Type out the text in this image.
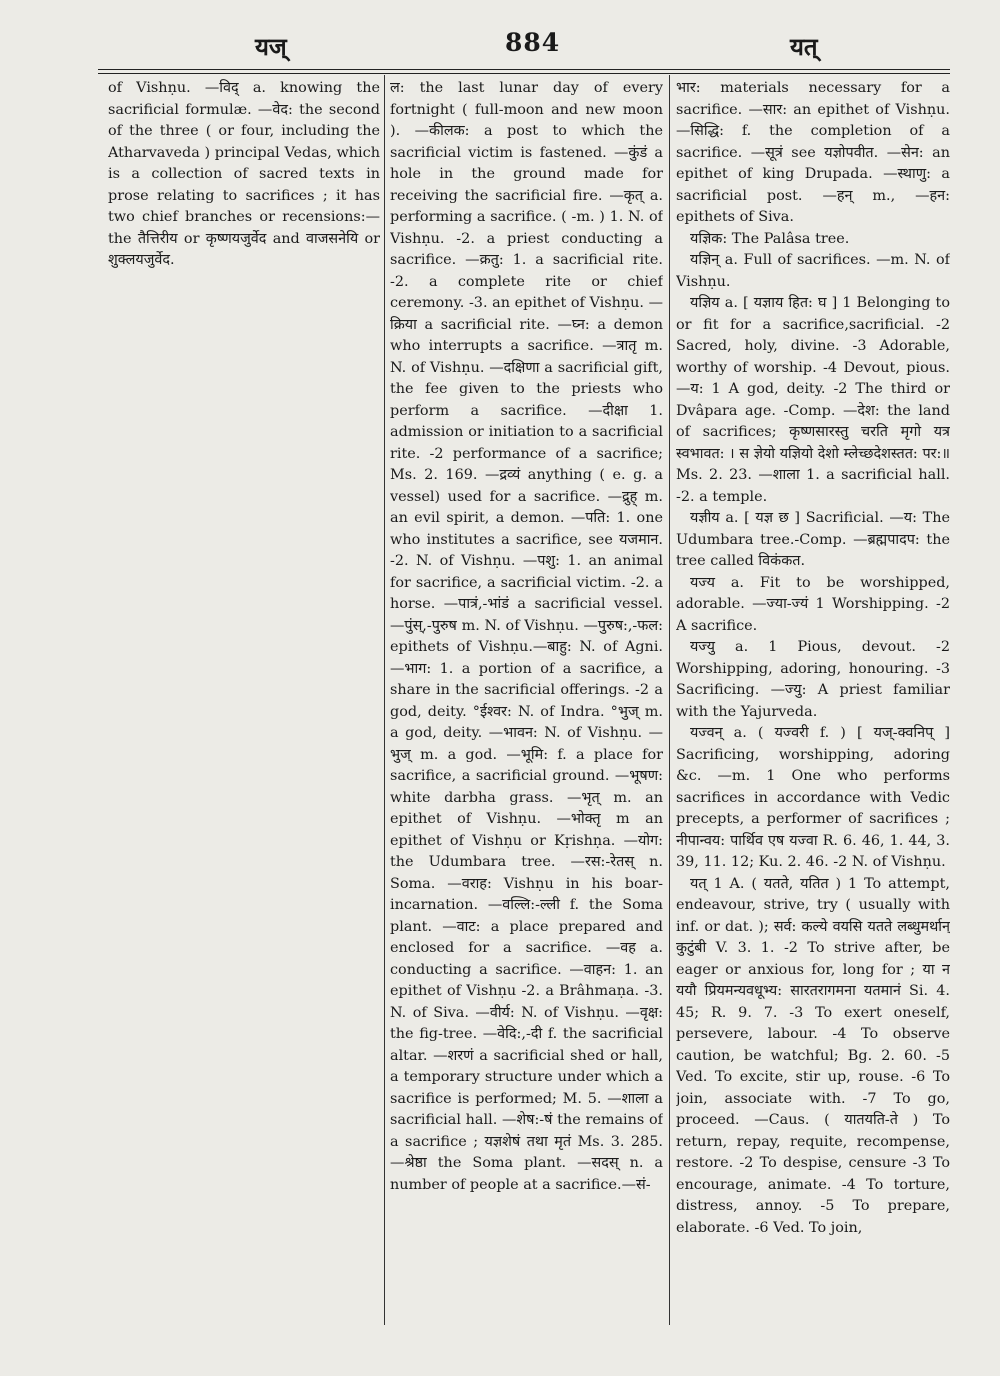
यज्	884	यत्

of Vishṇu. —विद् a. knowing the sacrificial formulæ. —वेद: the second of the three ( or four, including the Atharvaveda ) principal Vedas, which is a collection of sacred texts in prose relating to sacrifices ; it has two chief branches or recensions:—the तैत्तिरीय or कृष्णयजुर्वेद and वाजसनेयि or शुक्लयजुर्वेद.

ल: the last lunar day of every fortnight ( full-moon and new moon ). —कीलक: a post to which the sacrificial victim is fastened. —कुंडं a hole in the ground made for receiving the sacrificial fire. —कृत् a. performing a sacrifice. ( -m. ) 1. N. of Vishṇu. -2. a priest conducting a sacrifice. —क्रतु: 1. a sacrificial rite. -2. a complete rite or chief ceremony. -3. an epithet of Vishṇu. —क्रिया a sacrificial rite. —घ्न: a demon who interrupts a sacrifice. —त्रातृ m. N. of Vishṇu. —दक्षिणा a sacrificial gift, the fee given to the priests who perform a sacrifice. —दीक्षा 1. admission or initiation to a sacrificial rite. -2 performance of a sacrifice; Ms. 2. 169. —द्रव्यं anything ( e. g. a vessel) used for a sacrifice. —द्रुह् m. an evil spirit, a demon. —पति: 1. one who institutes a sacrifice, see यजमान. -2. N. of Vishṇu. —पशु: 1. an animal for sacrifice, a sacrificial victim. -2. a horse. —पात्रं,-भांडं a sacrificial vessel. —पुंस्,-पुरुष m. N. of Vishṇu. —पुरुष:,-फल: epithets of Vishṇu.—बाहु: N. of Agni. —भाग: 1. a portion of a sacrifice, a share in the sacrificial offerings. -2 a god, deity. °ईश्वर: N. of Indra. °भुज् m. a god, deity. —भावन: N. of Vishṇu. —भुज् m. a god. —भूमि: f. a place for sacrifice, a sacrificial ground. —भूषण: white darbha grass. —भृत् m. an epithet of Vishṇu. —भोक्तृ m an epithet of Vishṇu or Kṛishṇa. —योग: the Udumbara tree. —रस:-रेतस् n. Soma. —वराह: Vishṇu in his boar-incarnation. —वल्लि:-ल्ली f. the Soma plant. —वाट: a place prepared and enclosed for a sacrifice. —वह a. conducting a sacrifice. —वाहन: 1. an epithet of Vishṇu -2. a Brâhmaṇa. -3. N. of Siva. —वीर्य: N. of Vishṇu. —वृक्ष: the fig-tree. —वेदि:,-दी f. the sacrificial altar. —शरणं a sacrificial shed or hall, a temporary structure under which a sacrifice is performed; M. 5. —शाला a sacrificial hall. —शेष:-षं the remains of a sacrifice ; यज्ञशेषं तथा मृतं Ms. 3. 285. —श्रेष्ठा the Soma plant. —सदस् n. a number of people at a sacrifice.—सं-

भार: materials necessary for a sacrifice. —सार: an epithet of Vishṇu. —सिद्धि: f. the completion of a sacrifice. —सूत्रं see यज्ञोपवीत. —सेन: an epithet of king Drupada. —स्थाणु: a sacrificial post. —हन् m., —हन: epithets of Siva.

यज्ञिक: The Palâsa tree.

यज्ञिन् a. Full of sacrifices. —m. N. of Vishṇu.

यज्ञिय a. [ यज्ञाय हित: घ ] 1 Belonging to or fit for a sacrifice,sacrificial. -2 Sacred, holy, divine. -3 Adorable, worthy of worship. -4 Devout, pious. —य: 1 A god, deity. -2 The third or Dvâpara age. -Comp. —देश: the land of sacrifices; कृष्णसारस्तु चरति मृगो यत्र स्वभावत: । स ज्ञेयो यज्ञियो देशो म्लेच्छदेशस्तत: पर:॥ Ms. 2. 23. —शाला 1. a sacrificial hall. -2. a temple.

यज्ञीय a. [ यज्ञ छ ] Sacrificial. —य: The Udumbara tree.-Comp. —ब्रह्मपादप: the tree called विकंकत.

यज्य a. Fit to be worshipped, adorable. —ज्या-ज्यं 1 Worshipping. -2 A sacrifice.

यज्यु a. 1 Pious, devout. -2 Worshipping, adoring, honouring. -3 Sacrificing. —ज्यु: A priest familiar with the Yajurveda.

यज्वन् a. ( यज्वरी f. ) [ यज्-क्वनिप् ] Sacrificing, worshipping, adoring &c. —m. 1 One who performs sacrifices in accordance with Vedic precepts, a performer of sacrifices ; नीपान्वय: पार्थिव एष यज्वा R. 6. 46, 1. 44, 3. 39, 11. 12; Ku. 2. 46. -2 N. of Vishṇu.

यत् 1 A. ( यतते, यतित ) 1 To attempt, endeavour, strive, try ( usually with inf. or dat. ); सर्व: कल्ये वयसि यतते लब्धुमर्थान् कुटुंबी V. 3. 1. -2 To strive after, be eager or anxious for, long for ; या न ययौ प्रियमन्यवधूभ्य: सारतरागमना यतमानं Si. 4. 45; R. 9. 7. -3 To exert oneself, persevere, labour. -4 To observe caution, be watchful; Bg. 2. 60. -5 Ved. To excite, stir up, rouse. -6 To join, associate with. -7 To go, proceed. —Caus. ( यातयति-ते ) To return, repay, requite, recompense, restore. -2 To despise, censure -3 To encourage, animate. -4 To torture, distress, annoy. -5 To prepare, elaborate. -6 Ved. To join,
